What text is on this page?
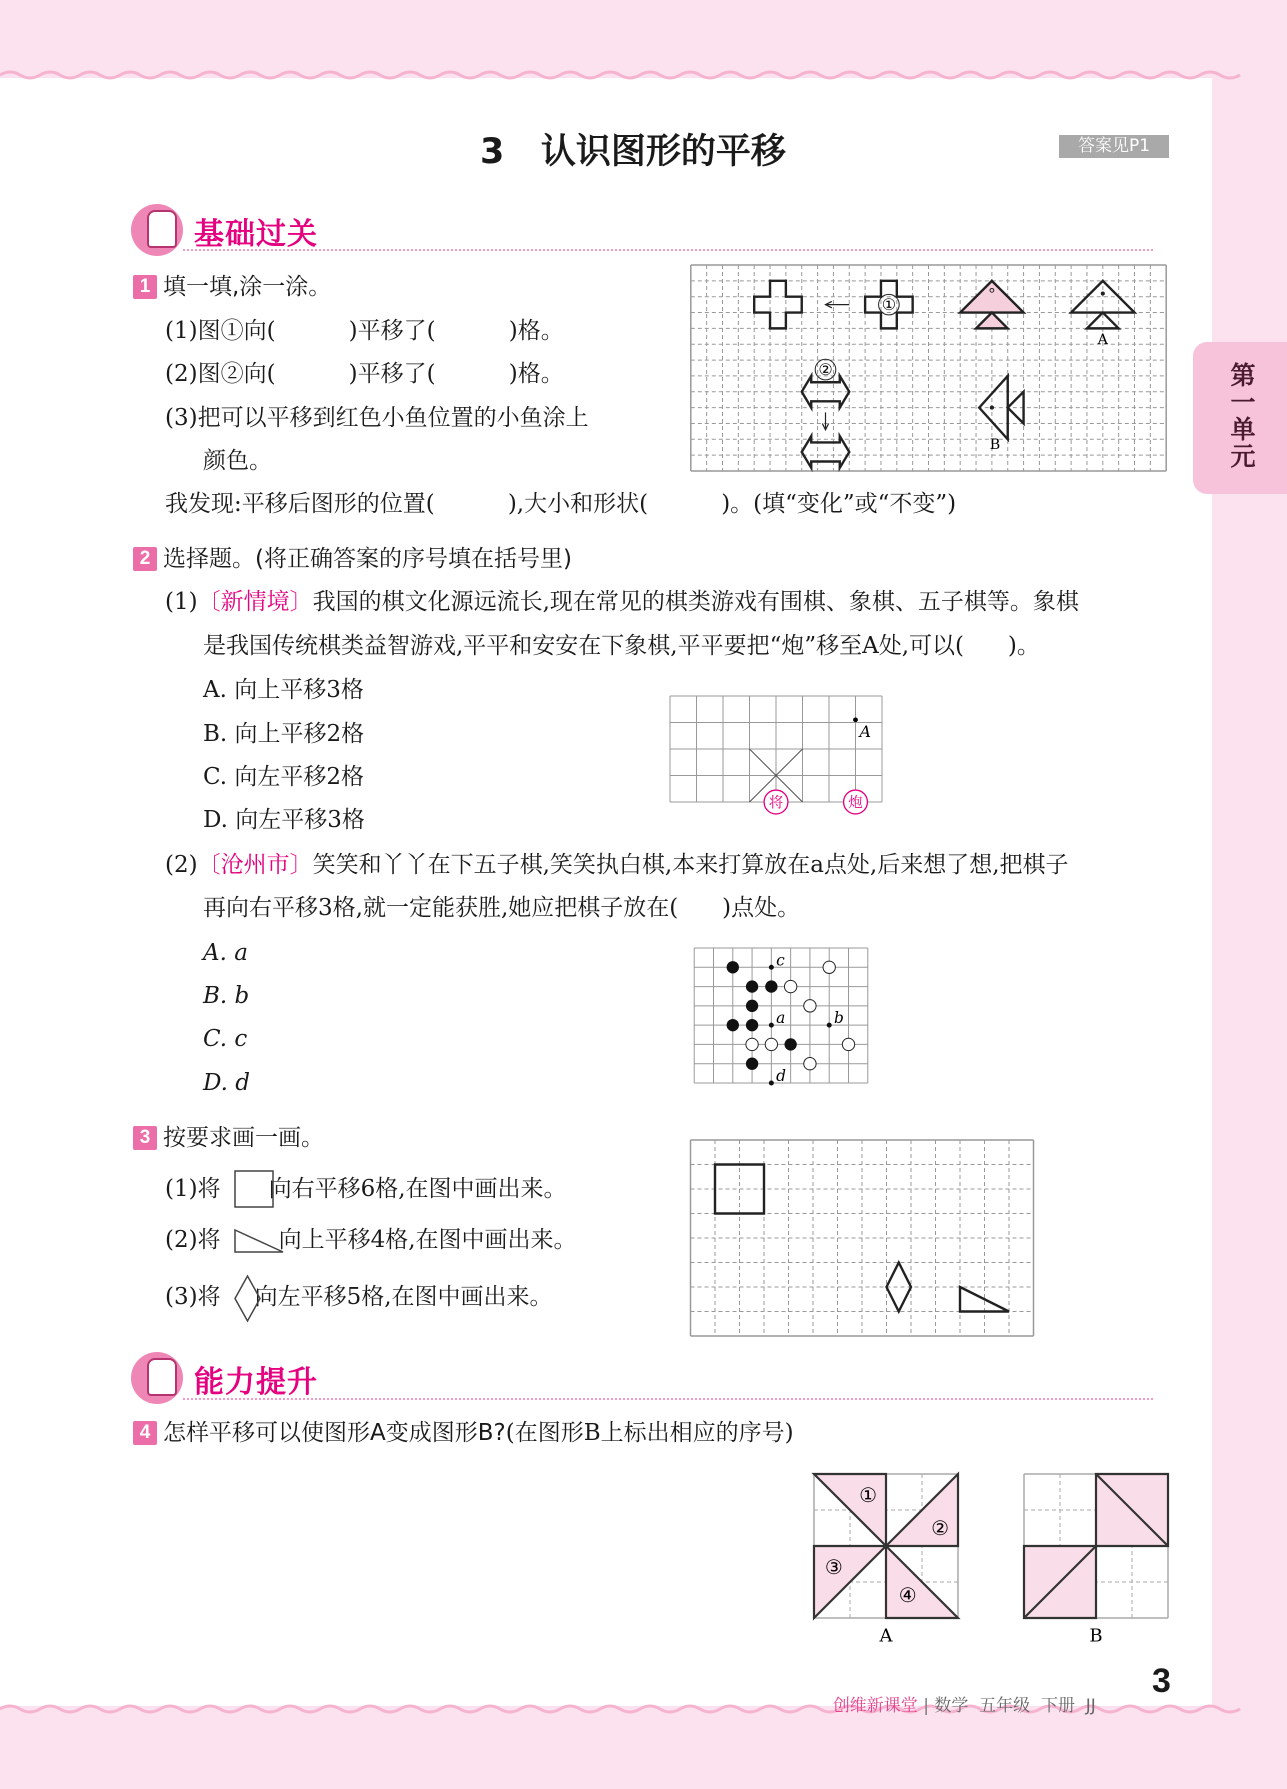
3   认识图形的平移	答案见P1
第一单元
基础过关
1 填一填,涂一涂。
(1)图①向(          )平移了(          )格。
(2)图②向(          )平移了(          )格。
(3)把可以平移到红色小鱼位置的小鱼涂上
颜色。
我发现:平移后图形的位置(          ),大小和形状(          )。(填“变化”或“不变”)
①
②
2 选择题。(将正确答案的序号填在括号里)
(1)〔新情境〕我国的棋文化源远流长,现在常见的棋类游戏有围棋、象棋、五子棋等。象棋
是我国传统棋类益智游戏,平平和安安在下象棋,平平要把“炮”移至A处,可以(      )。
A. 向上平移3格
B. 向上平移2格
C. 向左平移2格
D. 向左平移3格
(2)〔沧州市〕笑笑和丫丫在下五子棋,笑笑执白棋,本来打算放在a点处,后来想了想,把棋子
再向右平移3格,就一定能获胜,她应把棋子放在(      )点处。
A. a
B. b
C. c
D. d
3 按要求画一画。
(1)将 向右平移6格,在图中画出来。
(2)将	向上平移4格,在图中画出来。
(3)将 向左平移5格,在图中画出来。
能力提升
4 怎样平移可以使图形A变成图形B?(在图形B上标出相应的序号)

创维新课堂 | 数学  五年级  下册  JJ

3
